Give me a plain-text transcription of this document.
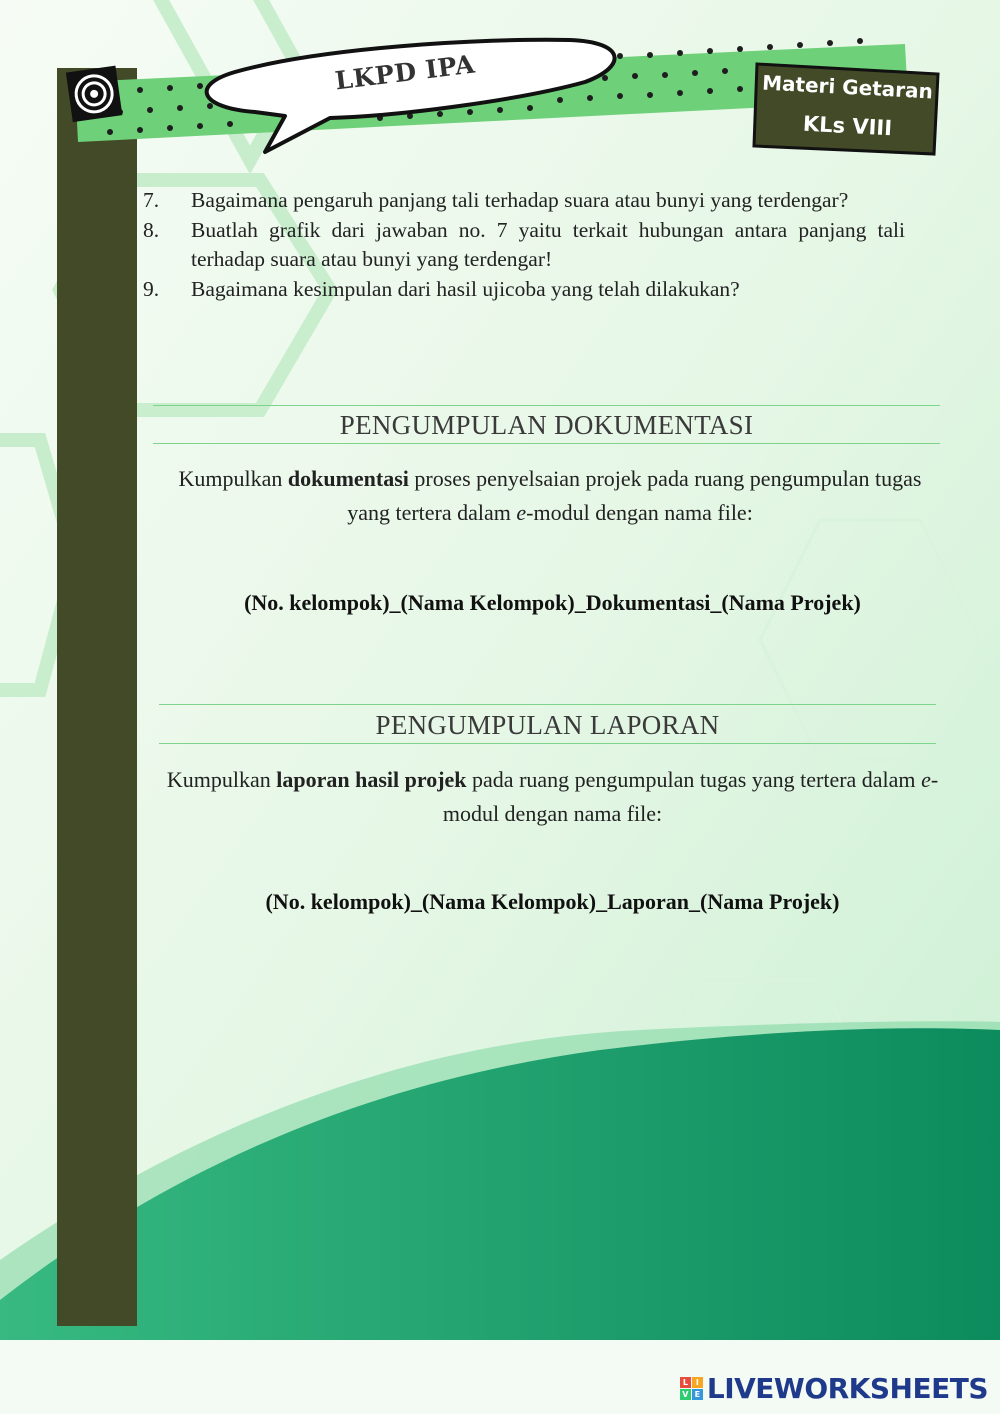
LKPD IPA	Materi Getaran
KLs VIII
7.	Bagaimana pengaruh panjang tali terhadap suara atau bunyi yang terdengar?
8.	Buatlah grafik dari jawaban no. 7 yaitu terkait hubungan antara panjang tali terhadap suara atau bunyi yang terdengar!
9.	Bagaimana kesimpulan dari hasil ujicoba yang telah dilakukan?
PENGUMPULAN DOKUMENTASI
Kumpulkan dokumentasi proses penyelsaian projek pada ruang pengumpulan tugas yang tertera dalam e-modul dengan nama file:
(No. kelompok)_(Nama Kelompok)_Dokumentasi_(Nama Projek)
PENGUMPULAN LAPORAN
Kumpulkan laporan hasil projek pada ruang pengumpulan tugas yang tertera dalam e-modul dengan nama file:
(No. kelompok)_(Nama Kelompok)_Laporan_(Nama Projek)
L I
V E LIVEWORKSHEETS
